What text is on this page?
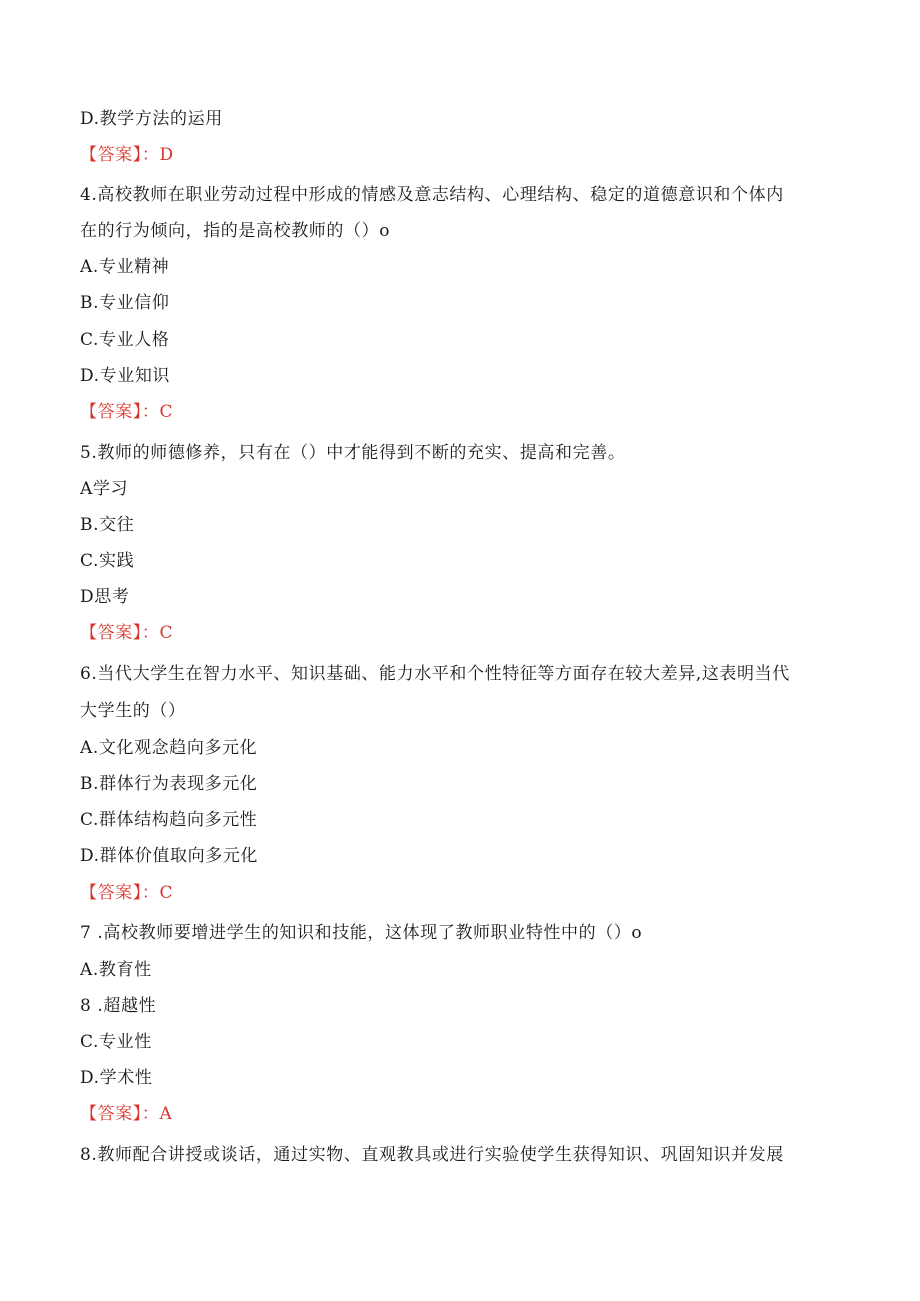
D.教学方法的运用
【答案】：D
4.高校教师在职业劳动过程中形成的情感及意志结构、心理结构、稳定的道德意识和个体内
在的行为倾向，指的是高校教师的（）o
A.专业精神
B.专业信仰
C.专业人格
D.专业知识
【答案】：C
5.教师的师德修养，只有在（）中才能得到不断的充实、提高和完善。
A学习
B.交往
C.实践
D思考
【答案】：C
6.当代大学生在智力水平、知识基础、能力水平和个性特征等方面存在较大差异,这表明当代
大学生的（）
A.文化观念趋向多元化
B.群体行为表现多元化
C.群体结构趋向多元性
D.群体价值取向多元化
【答案】：C
7 .高校教师要增进学生的知识和技能，这体现了教师职业特性中的（）o
A.教育性
8 .超越性
C.专业性
D.学术性
【答案】：A
8.教师配合讲授或谈话，通过实物、直观教具或进行实验使学生获得知识、巩固知识并发展
